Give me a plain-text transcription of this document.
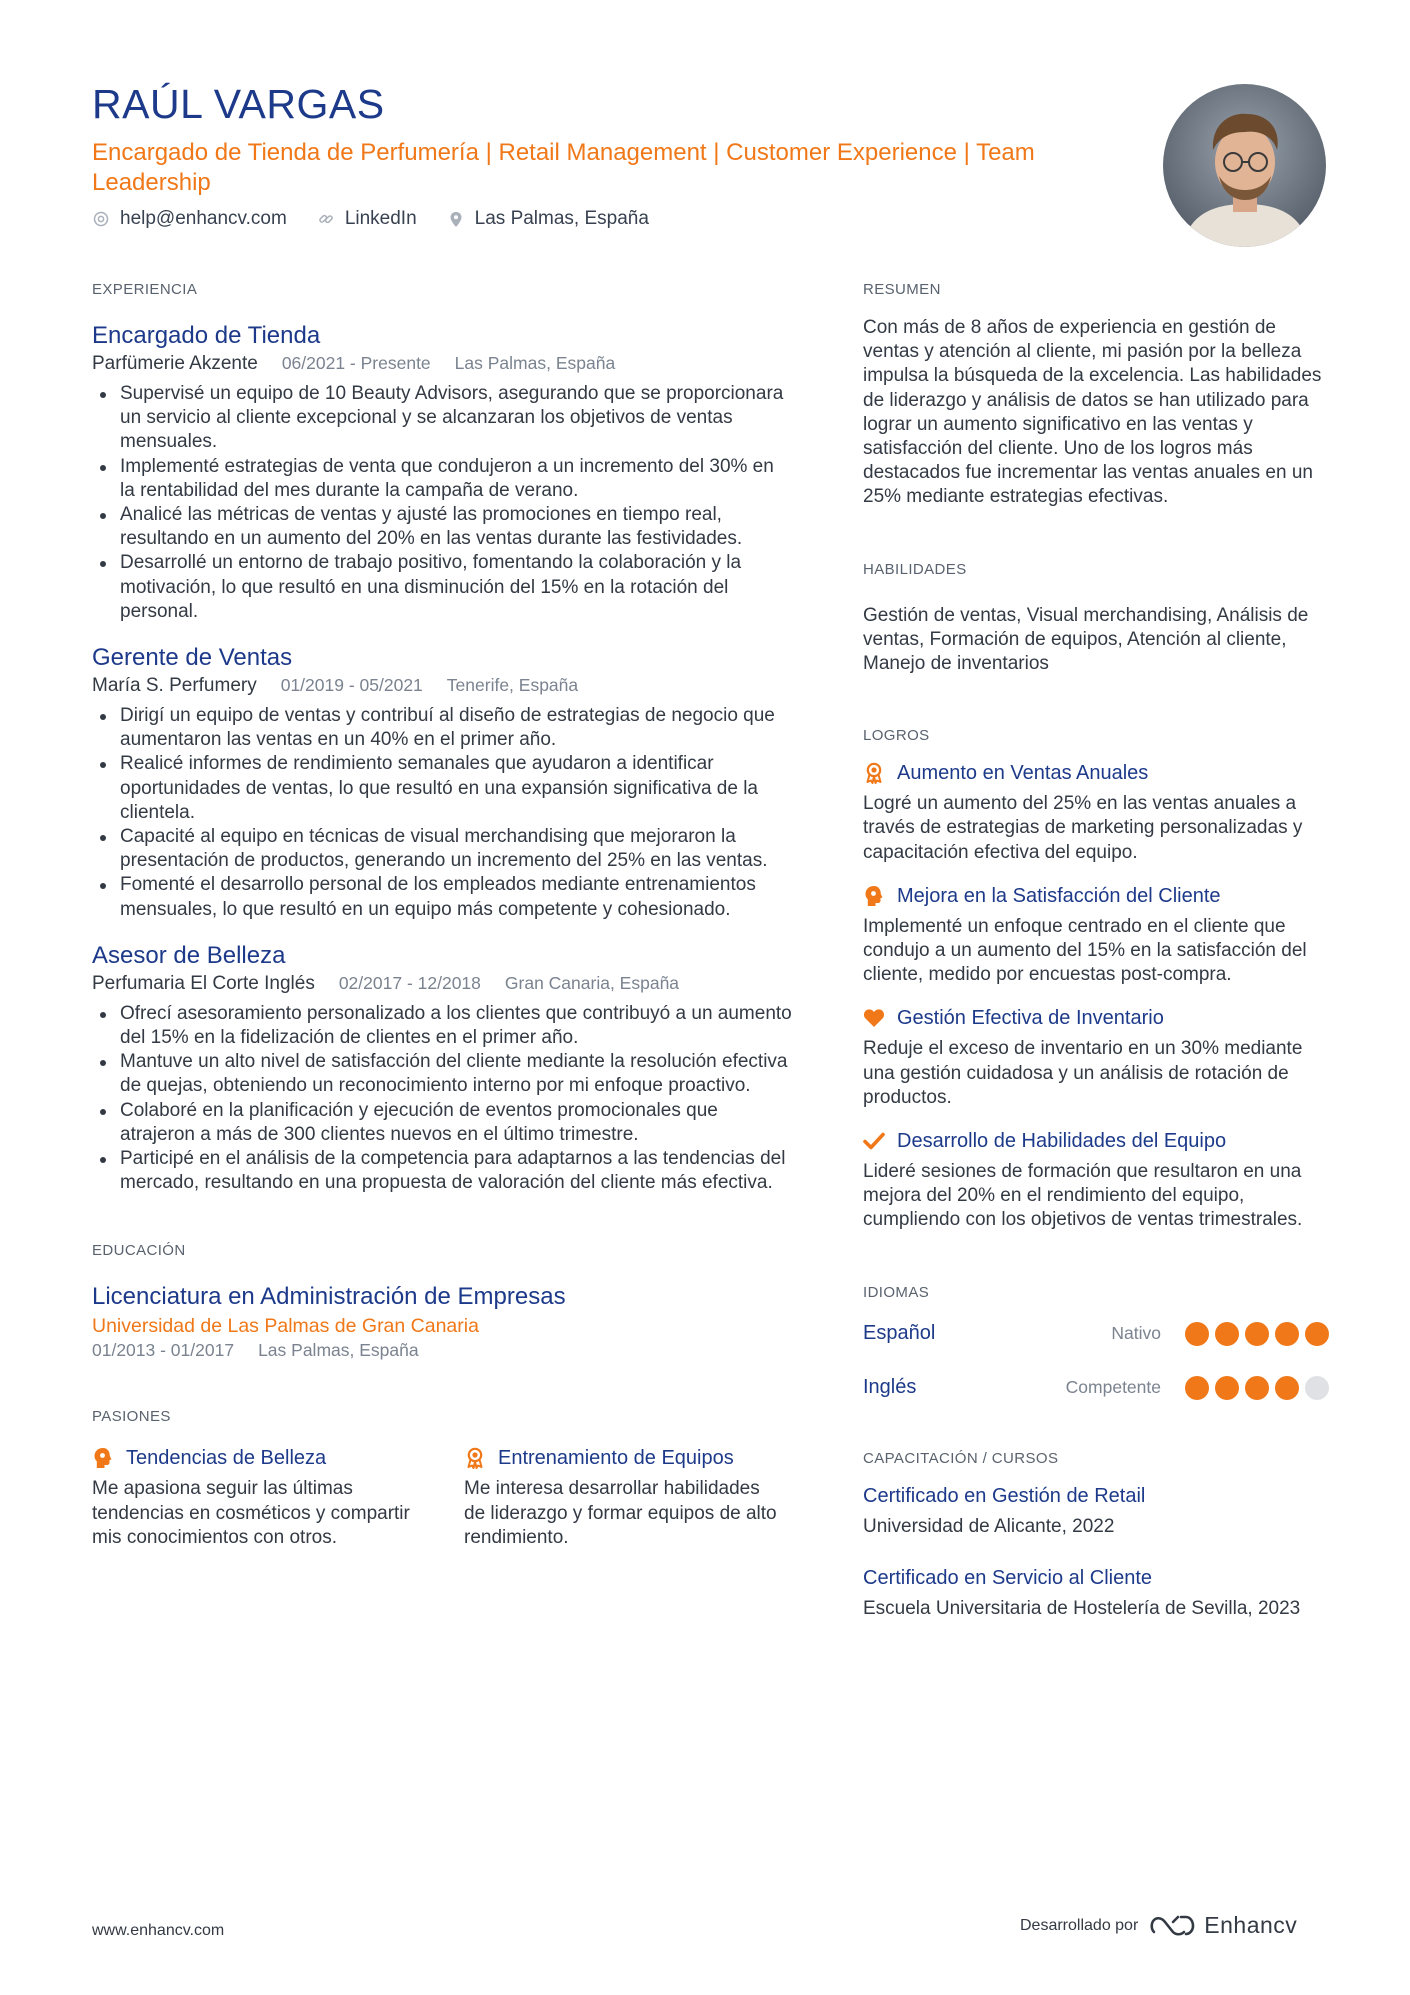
RAÚL VARGAS
Encargado de Tienda de Perfumería | Retail Management | Customer Experience | Team Leadership
help@enhancv.com	LinkedIn	Las Palmas, España
EXPERIENCIA
Encargado de Tienda
Parfümerie Akzente 06/2021 - Presente Las Palmas, España
Supervisé un equipo de 10 Beauty Advisors, asegurando que se proporcionara un servicio al cliente excepcional y se alcanzaran los objetivos de ventas mensuales.
Implementé estrategias de venta que condujeron a un incremento del 30% en la rentabilidad del mes durante la campaña de verano.
Analicé las métricas de ventas y ajusté las promociones en tiempo real, resultando en un aumento del 20% en las ventas durante las festividades.
Desarrollé un entorno de trabajo positivo, fomentando la colaboración y la motivación, lo que resultó en una disminución del 15% en la rotación del personal.
Gerente de Ventas
María S. Perfumery 01/2019 - 05/2021 Tenerife, España
Dirigí un equipo de ventas y contribuí al diseño de estrategias de negocio que aumentaron las ventas en un 40% en el primer año.
Realicé informes de rendimiento semanales que ayudaron a identificar oportunidades de ventas, lo que resultó en una expansión significativa de la clientela.
Capacité al equipo en técnicas de visual merchandising que mejoraron la presentación de productos, generando un incremento del 25% en las ventas.
Fomenté el desarrollo personal de los empleados mediante entrenamientos mensuales, lo que resultó en un equipo más competente y cohesionado.
Asesor de Belleza
Perfumaria El Corte Inglés 02/2017 - 12/2018 Gran Canaria, España
Ofrecí asesoramiento personalizado a los clientes que contribuyó a un aumento del 15% en la fidelización de clientes en el primer año.
Mantuve un alto nivel de satisfacción del cliente mediante la resolución efectiva de quejas, obteniendo un reconocimiento interno por mi enfoque proactivo.
Colaboré en la planificación y ejecución de eventos promocionales que atrajeron a más de 300 clientes nuevos en el último trimestre.
Participé en el análisis de la competencia para adaptarnos a las tendencias del mercado, resultando en una propuesta de valoración del cliente más efectiva.
EDUCACIÓN
Licenciatura en Administración de Empresas
Universidad de Las Palmas de Gran Canaria
01/2013 - 01/2017 Las Palmas, España
PASIONES
Tendencias de Belleza
Me apasiona seguir las últimas tendencias en cosméticos y compartir mis conocimientos con otros.
Entrenamiento de Equipos
Me interesa desarrollar habilidades de liderazgo y formar equipos de alto rendimiento.
RESUMEN
Con más de 8 años de experiencia en gestión de ventas y atención al cliente, mi pasión por la belleza impulsa la búsqueda de la excelencia. Las habilidades de liderazgo y análisis de datos se han utilizado para lograr un aumento significativo en las ventas y satisfacción del cliente. Uno de los logros más destacados fue incrementar las ventas anuales en un 25% mediante estrategias efectivas.
HABILIDADES
Gestión de ventas, Visual merchandising, Análisis de ventas, Formación de equipos, Atención al cliente, Manejo de inventarios
LOGROS
Aumento en Ventas Anuales
Logré un aumento del 25% en las ventas anuales a través de estrategias de marketing personalizadas y capacitación efectiva del equipo.
Mejora en la Satisfacción del Cliente
Implementé un enfoque centrado en el cliente que condujo a un aumento del 15% en la satisfacción del cliente, medido por encuestas post-compra.
Gestión Efectiva de Inventario
Reduje el exceso de inventario en un 30% mediante una gestión cuidadosa y un análisis de rotación de productos.
Desarrollo de Habilidades del Equipo
Lideré sesiones de formación que resultaron en una mejora del 20% en el rendimiento del equipo, cumpliendo con los objetivos de ventas trimestrales.
IDIOMAS
Español	Nativo
Inglés	Competente
CAPACITACIÓN / CURSOS
Certificado en Gestión de Retail
Universidad de Alicante, 2022
Certificado en Servicio al Cliente
Escuela Universitaria de Hostelería de Sevilla, 2023
www.enhancv.com	Desarrollado por	Enhancv
